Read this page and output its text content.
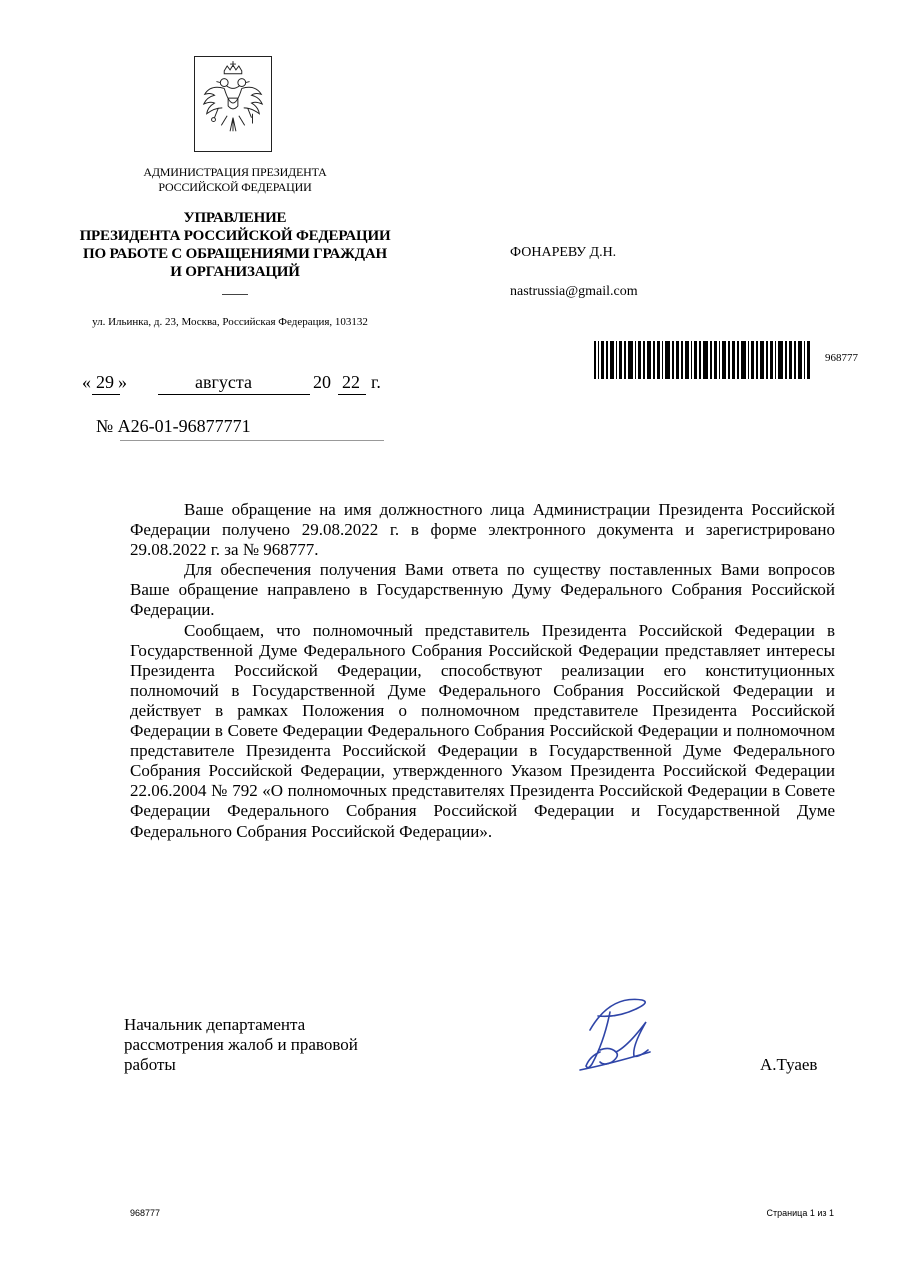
АДМИНИСТРАЦИЯ ПРЕЗИДЕНТА
РОССИЙСКОЙ ФЕДЕРАЦИИ
УПРАВЛЕНИЕ
ПРЕЗИДЕНТА РОССИЙСКОЙ ФЕДЕРАЦИИ
ПО РАБОТЕ С ОБРАЩЕНИЯМИ ГРАЖДАН
И ОРГАНИЗАЦИЙ
ул. Ильинка, д. 23, Москва, Российская Федерация, 103132
ФОНАРЕВУ Д.Н.
nastrussia@gmail.com
968777
« 29 »	августа	20 22 г.
№ А26-01-96877771

Ваше обращение на имя должностного лица Администрации Президента Российской Федерации получено 29.08.2022 г. в форме электронного документа и зарегистрировано 29.08.2022 г. за № 968777.

Для обеспечения получения Вами ответа по существу поставленных Вами вопросов Ваше обращение направлено в Государственную Думу Федерального Собрания Российской Федерации.

Сообщаем, что полномочный представитель Президента Российской Федерации в Государственной Думе Федерального Собрания Российской Федерации представляет интересы Президента Российской Федерации, способствуют реализации его конституционных полномочий в Государственной Думе Федерального Собрания Российской Федерации и действует в рамках Положения о полномочном представителе Президента Российской Федерации в Совете Федерации Федерального Собрания Российской Федерации и полномочном представителе Президента Российской Федерации в Государственной Думе Федерального Собрания Российской Федерации, утвержденного Указом Президента Российской Федерации 22.06.2004 № 792 «О полномочных представителях Президента Российской Федерации в Совете Федерации Федерального Собрания Российской Федерации и Государственной Думе Федерального Собрания Российской Федерации».

Начальник департамента
рассмотрения жалоб и правовой
работы	А.Туаев
968777	Страница 1 из 1
